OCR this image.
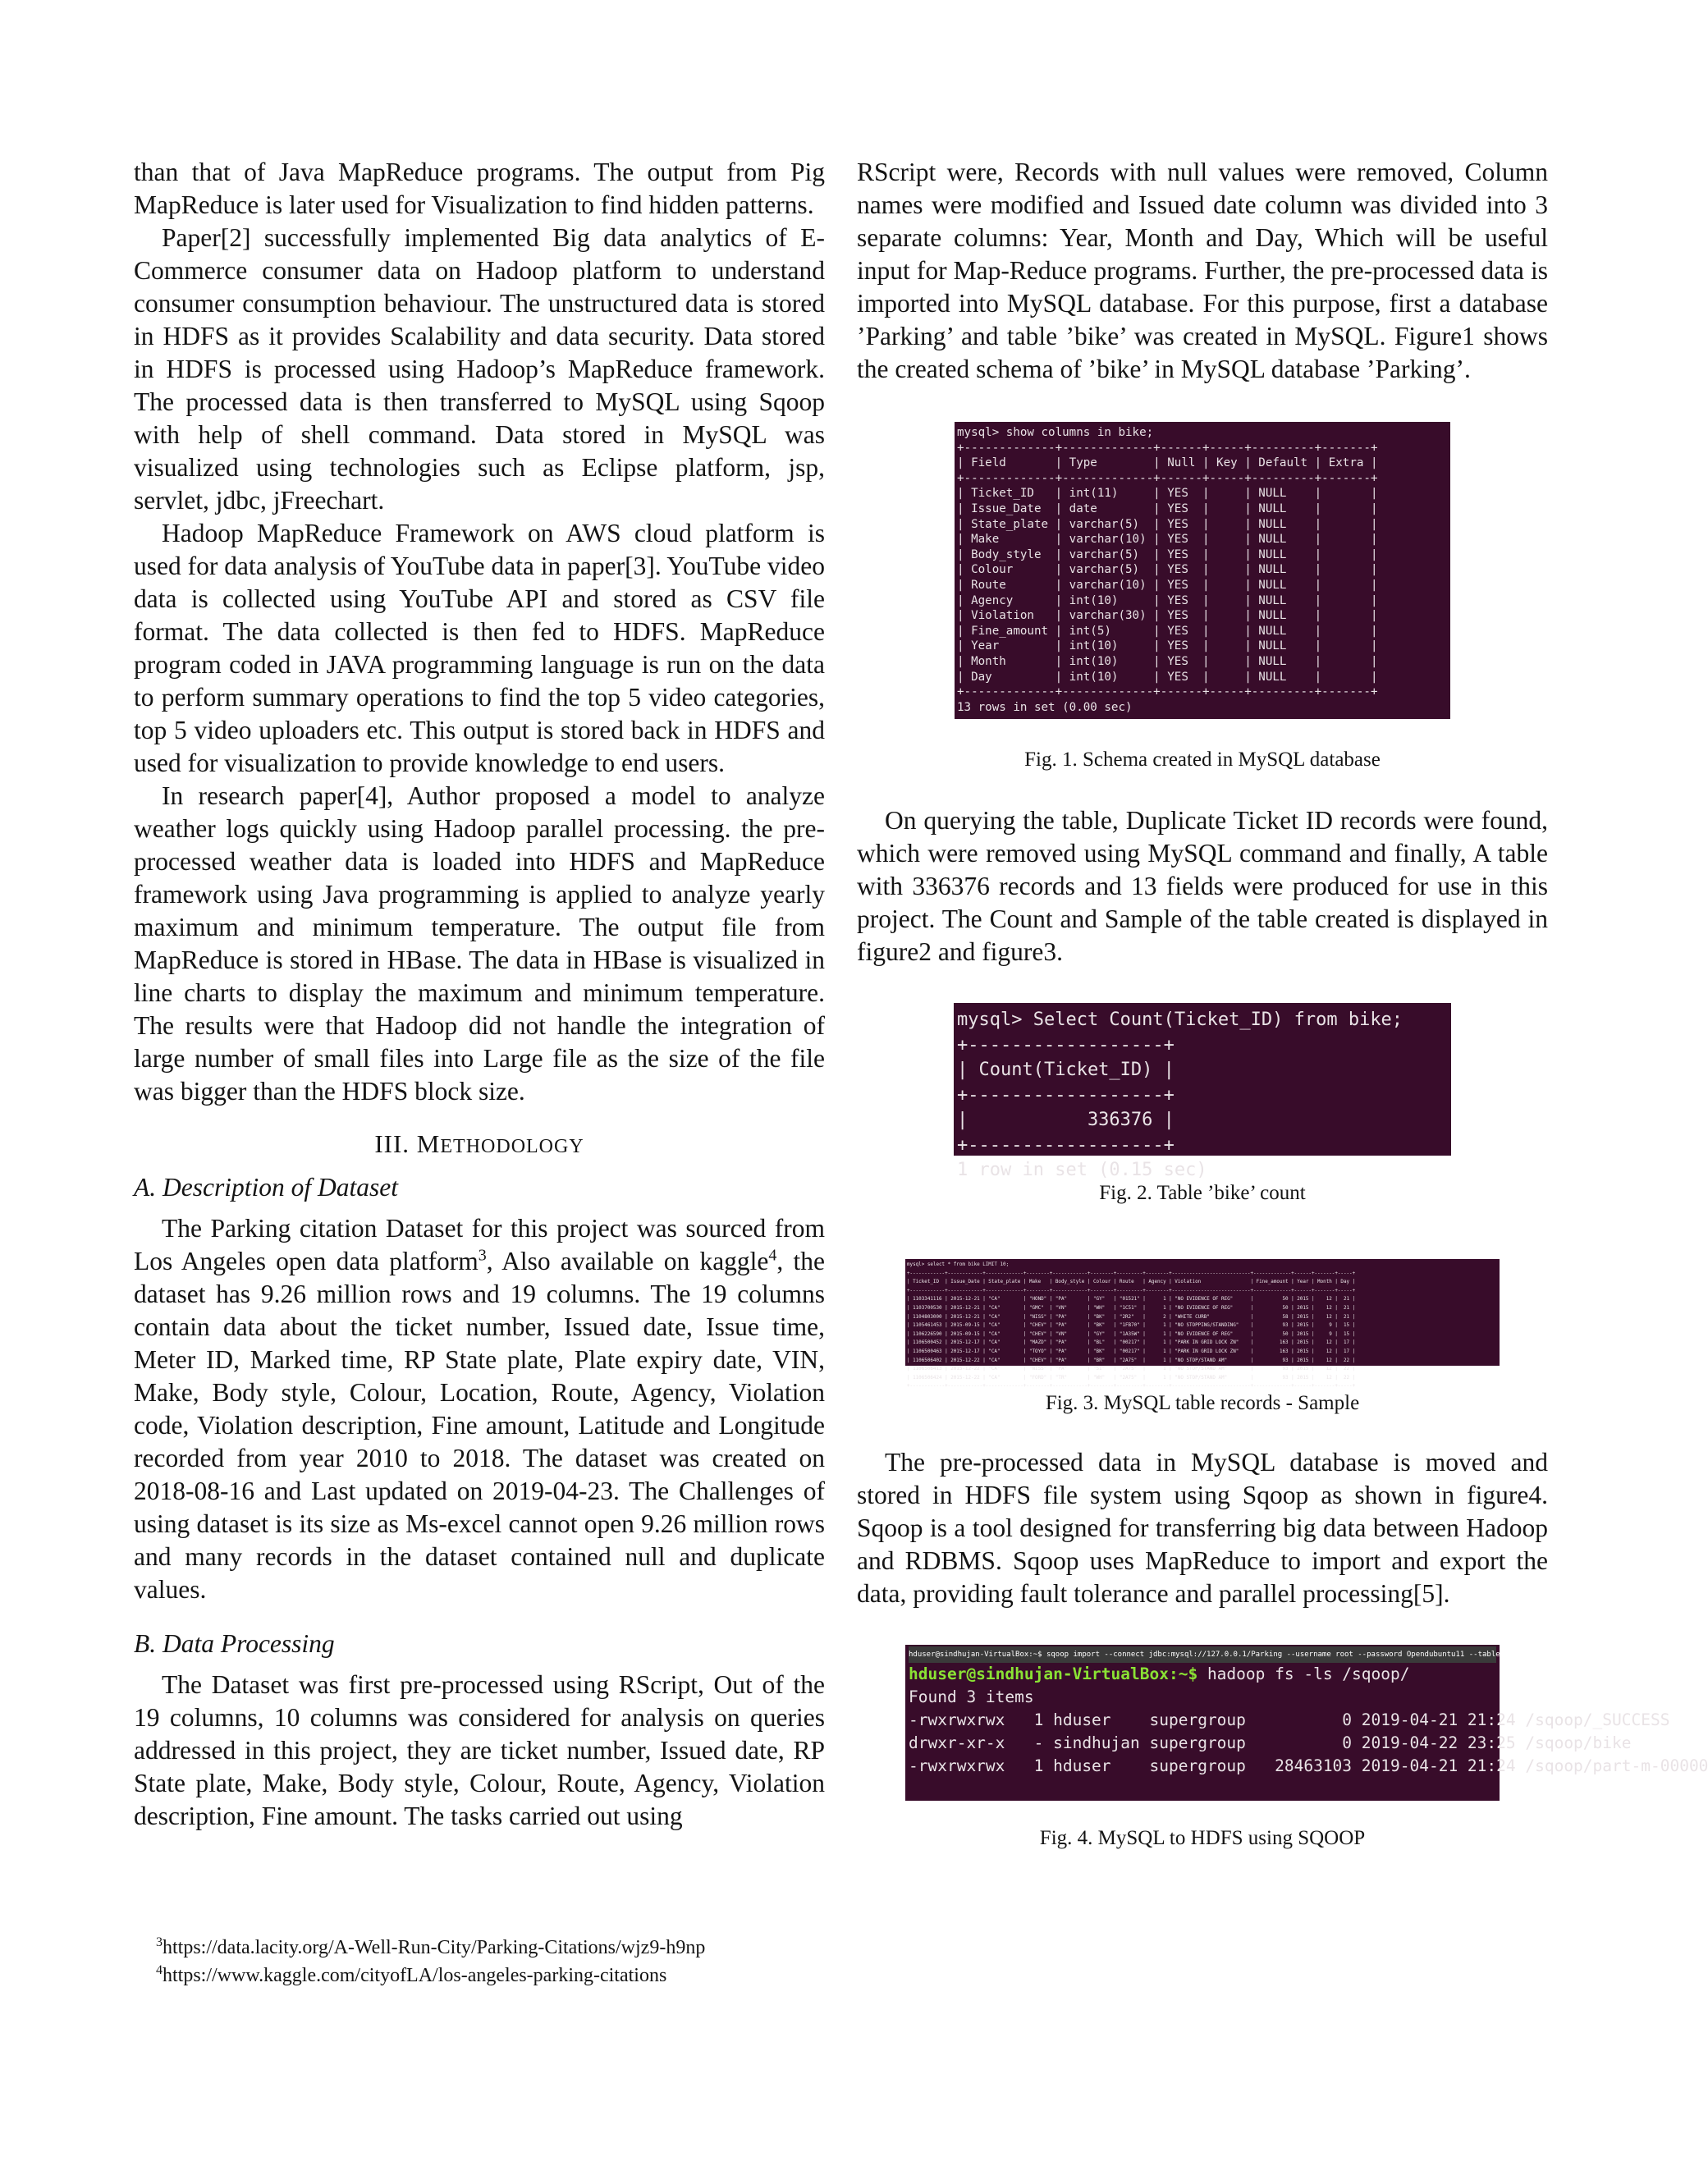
than that of Java MapReduce programs. The output from Pig MapReduce is later used for Visualization to find hidden patterns.

Paper[2] successfully implemented Big data analytics of E-Commerce consumer data on Hadoop platform to understand consumer consumption behaviour. The unstructured data is stored in HDFS as it provides Scalability and data security. Data stored in HDFS is processed using Hadoop’s MapReduce framework. The processed data is then transferred to MySQL using Sqoop with help of shell command. Data stored in MySQL was visualized using technologies such as Eclipse platform, jsp, servlet, jdbc, jFreechart.

Hadoop MapReduce Framework on AWS cloud platform is used for data analysis of YouTube data in paper[3]. YouTube video data is collected using YouTube API and stored as CSV file format. The data collected is then fed to HDFS. MapReduce program coded in JAVA programming language is run on the data to perform summary operations to find the top 5 video categories, top 5 video uploaders etc. This output is stored back in HDFS and used for visualization to provide knowledge to end users.

In research paper[4], Author proposed a model to analyze weather logs quickly using Hadoop parallel processing. the pre-processed weather data is loaded into HDFS and MapReduce framework using Java programming is applied to analyze yearly maximum and minimum temperature. The output file from MapReduce is stored in HBase. The data in HBase is visualized in line charts to display the maximum and minimum temperature. The results were that Hadoop did not handle the integration of large number of small files into Large file as the size of the file was bigger than the HDFS block size.

III. METHODOLOGY
A. Description of Dataset

The Parking citation Dataset for this project was sourced from Los Angeles open data platform$^3$, Also available on kaggle$^4$, the dataset has 9.26 million rows and 19 columns. The 19 columns contain data about the ticket number, Issued date, Issue time, Meter ID, Marked time, RP State plate, Plate expiry date, VIN, Make, Body style, Colour, Location, Route, Agency, Violation code, Violation description, Fine amount, Latitude and Longitude recorded from year 2010 to 2018. The dataset was created on 2018-08-16 and Last updated on 2019-04-23. The Challenges of using dataset is its size as Ms-excel cannot open 9.26 million rows and many records in the dataset contained null and duplicate values.

B. Data Processing

The Dataset was first pre-processed using RScript, Out of the 19 columns, 10 columns was considered for analysis on queries addressed in this project, they are ticket number, Issued date, RP State plate, Make, Body style, Colour, Route, Agency, Violation description, Fine amount. The tasks carried out using

$^3$https://data.lacity.org/A-Well-Run-City/Parking-Citations/wjz9-h9np
$^4$https://www.kaggle.com/cityofLA/los-angeles-parking-citations

RScript were, Records with null values were removed, Column names were modified and Issued date column was divided into 3 separate columns: Year, Month and Day, Which will be useful input for Map-Reduce programs. Further, the pre-processed data is imported into MySQL database. For this purpose, first a database ’Parking’ and table ’bike’ was created in MySQL. Figure1 shows the created schema of ’bike’ in MySQL database ’Parking’.

mysql> show columns in bike;
+-------------+-------------+------+-----+---------+-------+
| Field       | Type        | Null | Key | Default | Extra |
+-------------+-------------+------+-----+---------+-------+
| Ticket_ID   | int(11)     | YES  |     | NULL    |       |
| Issue_Date  | date        | YES  |     | NULL    |       |
| State_plate | varchar(5)  | YES  |     | NULL    |       |
| Make        | varchar(10) | YES  |     | NULL    |       |
| Body_style  | varchar(5)  | YES  |     | NULL    |       |
| Colour      | varchar(5)  | YES  |     | NULL    |       |
| Route       | varchar(10) | YES  |     | NULL    |       |
| Agency      | int(10)     | YES  |     | NULL    |       |
| Violation   | varchar(30) | YES  |     | NULL    |       |
| Fine_amount | int(5)      | YES  |     | NULL    |       |
| Year        | int(10)     | YES  |     | NULL    |       |
| Month       | int(10)     | YES  |     | NULL    |       |
| Day         | int(10)     | YES  |     | NULL    |       |
+-------------+-------------+------+-----+---------+-------+
13 rows in set (0.00 sec)
Fig. 1. Schema created in MySQL database

On querying the table, Duplicate Ticket ID records were found, which were removed using MySQL command and finally, A table with 336376 records and 13 fields were produced for use in this project. The Count and Sample of the table created is displayed in figure2 and figure3.

mysql> Select Count(Ticket_ID) from bike;
+------------------+
| Count(Ticket_ID) |
+------------------+
|           336376 |
+------------------+
1 row in set (0.15 sec)
Fig. 2. Table ’bike’ count
mysql> select * from bike LIMIT 10;
+------------+------------+-------------+--------+------------+--------+---------+--------+---------------------------+-------------+------+-------+-----+
| Ticket_ID  | Issue_Date | State_plate | Make   | Body_style | Colour | Route   | Agency | Violation                 | Fine_amount | Year | Month | Day |
+------------+------------+-------------+--------+------------+--------+---------+--------+---------------------------+-------------+------+-------+-----+
| 1103341116 | 2015-12-21 | "CA"        | "HOND" | "PA"       | "GY"   | "01521" |      1 | "NO EVIDENCE OF REG"      |          50 | 2015 |    12 |  21 |
| 1103700530 | 2015-12-21 | "CA"        | "GMC"  | "VN"       | "WH"   | "1C51"  |      1 | "NO EVIDENCE OF REG"      |          50 | 2015 |    12 |  21 |
| 1104803000 | 2015-12-21 | "CA"        | "NISS" | "PA"       | "BK"   | "2R2"   |      2 | "WHITE CURB"              |          58 | 2015 |    12 |  21 |
| 1105461453 | 2015-09-15 | "CA"        | "CHEV" | "PA"       | "BK"   | "1FB70" |      1 | "NO STOPPING/STANDING"    |          93 | 2015 |     9 |  15 |
| 1106226590 | 2015-09-15 | "CA"        | "CHEV" | "VN"       | "GY"   | "1A35W" |      1 | "NO EVIDENCE OF REG"      |          50 | 2015 |     9 |  15 |
| 1106500452 | 2015-12-17 | "CA"        | "MAZD" | "PA"       | "BL"   | "00217" |      1 | "PARK IN GRID LOCK ZN"    |         163 | 2015 |    12 |  17 |
| 1106500463 | 2015-12-17 | "CA"        | "TOYO" | "PA"       | "BK"   | "00217" |      1 | "PARK IN GRID LOCK ZN"    |         163 | 2015 |    12 |  17 |
| 1106506402 | 2015-12-22 | "CA"        | "CHEV" | "PA"       | "BR"   | "2A75"  |      1 | "NO STOP/STAND AM"        |          93 | 2015 |    12 |  22 |
| 1106506413 | 2015-12-22 | "CA"        | "NISS" | "PA"       | "SI"   | "2A75"  |      1 | "NO STOP/STAND AM"        |          93 | 2015 |    12 |  22 |
| 1106506424 | 2015-12-22 | "CA"        | "FORD" | "TR"       | "WH"   | "2A75"  |      1 | "NO STOP/STAND AM"        |          93 | 2015 |    12 |  22 |
+------------+------------+-------------+--------+------------+--------+---------+--------+---------------------------+-------------+------+-------+-----+
Fig. 3. MySQL table records - Sample

The pre-processed data in MySQL database is moved and stored in HDFS file system using Sqoop as shown in figure4. Sqoop is a tool designed for transferring big data between Hadoop and RDBMS. Sqoop uses MapReduce to import and export the data, providing fault tolerance and parallel processing[5].

hduser@sindhujan-VirtualBox:~$ sqoop import --connect jdbc:mysql://127.0.0.1/Parking --username root --password Opendubuntu11 --table bike --target-dir /sqoop -m 1
hduser@sindhujan-VirtualBox:~$ hadoop fs -ls /sqoop/
Found 3 items
-rwxrwxrwx   1 hduser    supergroup          0 2019-04-21 21:24 /sqoop/_SUCCESS
drwxr-xr-x   - sindhujan supergroup          0 2019-04-22 23:25 /sqoop/bike
-rwxrwxrwx   1 hduser    supergroup   28463103 2019-04-21 21:24 /sqoop/part-m-00000
Fig. 4. MySQL to HDFS using SQOOP
